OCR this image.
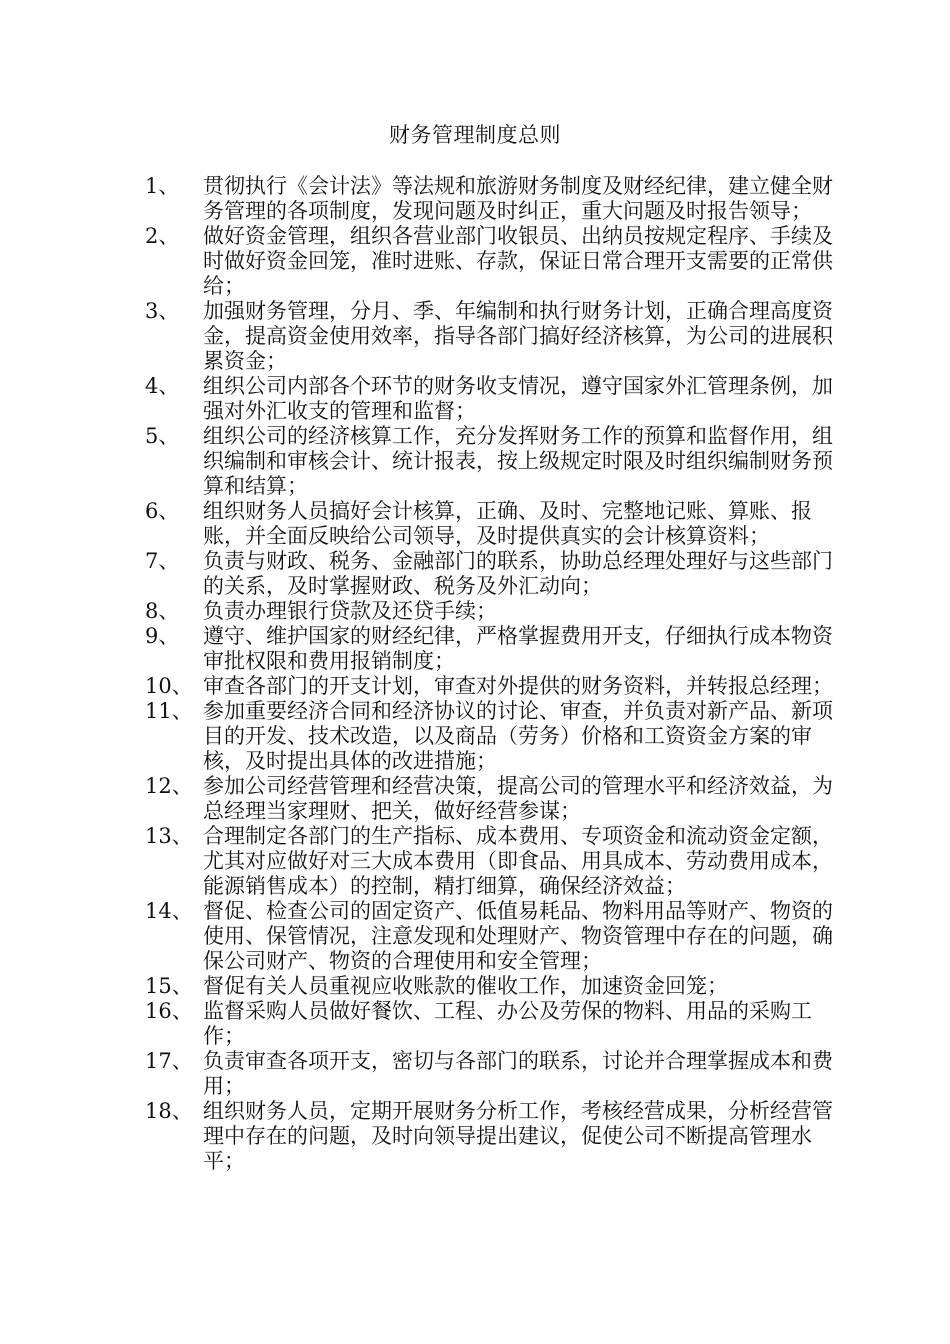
财务管理制度总则
1、	贯彻执行《会计法》等法规和旅游财务制度及财经纪律，建立健全财务管理的各项制度，发现问题及时纠正，重大问题及时报告领导；
2、	做好资金管理，组织各营业部门收银员、出纳员按规定程序、手续及时做好资金回笼，准时进账、存款，保证日常合理开支需要的正常供给；
3、	加强财务管理，分月、季、年编制和执行财务计划，正确合理高度资金，提高资金使用效率，指导各部门搞好经济核算，为公司的进展积累资金；
4、	组织公司内部各个环节的财务收支情况，遵守国家外汇管理条例，加强对外汇收支的管理和监督；
5、	组织公司的经济核算工作，充分发挥财务工作的预算和监督作用，组织编制和审核会计、统计报表，按上级规定时限及时组织编制财务预算和结算；
6、	组织财务人员搞好会计核算，正确、及时、完整地记账、算账、报账，并全面反映给公司领导，及时提供真实的会计核算资料；
7、	负责与财政、税务、金融部门的联系，协助总经理处理好与这些部门的关系，及时掌握财政、税务及外汇动向；
8、	负责办理银行贷款及还贷手续；
9、	遵守、维护国家的财经纪律，严格掌握费用开支，仔细执行成本物资审批权限和费用报销制度；
10、 审查各部门的开支计划，审查对外提供的财务资料，并转报总经理；
11、 参加重要经济合同和经济协议的讨论、审查，并负责对新产品、新项目的开发、技术改造，以及商品（劳务）价格和工资资金方案的审核，及时提出具体的改进措施；
12、 参加公司经营管理和经营决策，提高公司的管理水平和经济效益，为总经理当家理财、把关，做好经营参谋；
13、 合理制定各部门的生产指标、成本费用、专项资金和流动资金定额，尤其对应做好对三大成本费用（即食品、用具成本、劳动费用成本，能源销售成本）的控制，精打细算，确保经济效益；
14、 督促、检查公司的固定资产、低值易耗品、物料用品等财产、物资的使用、保管情况，注意发现和处理财产、物资管理中存在的问题，确保公司财产、物资的合理使用和安全管理；
15、 督促有关人员重视应收账款的催收工作，加速资金回笼；
16、 监督采购人员做好餐饮、工程、办公及劳保的物料、用品的采购工作；
17、 负责审查各项开支，密切与各部门的联系，讨论并合理掌握成本和费用；
18、 组织财务人员，定期开展财务分析工作，考核经营成果，分析经营管理中存在的问题，及时向领导提出建议，促使公司不断提高管理水平；
